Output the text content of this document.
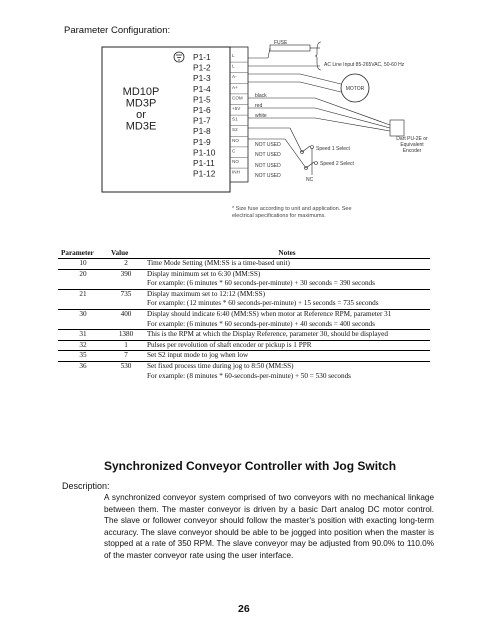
Parameter Configuration:
MD10P
MD3P
or
MD3E
P1-1
P1-2
P1-3
P1-4
P1-5
P1-6
P1-7
P1-8
P1-9
P1-10
P1-11
P1-12
L
L
A-
A+
COM
+5V
S1
S2
NO
C
NO
INH
FUSE
AC Line Input 85-265VAC, 50-60 Hz
MOTOR
black
red
white
Dart PU-2E or
Equivalent
Encoder
Speed 1 Select
Speed 2 Select
NC
NOT USED
NOT USED
NOT USED
NOT USED
* Size fuse according to unit and application. See electrical specifications for maximums.
Parameter	Value	Notes
10	2	Time Mode Setting (MM:SS is a time-based unit)
20	390	Display minimum set to 6:30 (MM:SS)
		For example: (6 minutes * 60 seconds-per-minute) + 30 seconds = 390 seconds
21	735	Display maximum set to 12:12 (MM:SS)
		For example: (12 minutes * 60 seconds-per-minute) + 15 seconds = 735 seconds
30	400	Display should indicate 6:40 (MM:SS) when motor at Reference RPM, parameter 31
		For example: (6 minutes * 60 seconds-per-minute) + 40 seconds = 400 seconds
31	1380	This is the RPM at which the Display Reference, parameter 30, should be displayed
32	1	Pulses per revolution of shaft encoder or pickup is 1 PPR
35	7	Set S2 input mode to jog when low
36	530	Set fixed process time during jog to 8:50 (MM:SS)
		For example: (8 minutes * 60-seconds-per-minute) + 50 = 530 seconds
Synchronized Conveyor Controller with Jog Switch
Description:
A synchronized conveyor system comprised of two conveyors with no mechanical linkage between them. The master conveyor is driven by a basic Dart analog DC motor control. The slave or follower conveyor should follow the master's position with exacting long-term accuracy. The slave conveyor should be able to be jogged into position when the master is stopped at a rate of 350 RPM. The slave conveyor may be adjusted from 90.0% to 110.0% of the master conveyor rate using the user interface.
26
